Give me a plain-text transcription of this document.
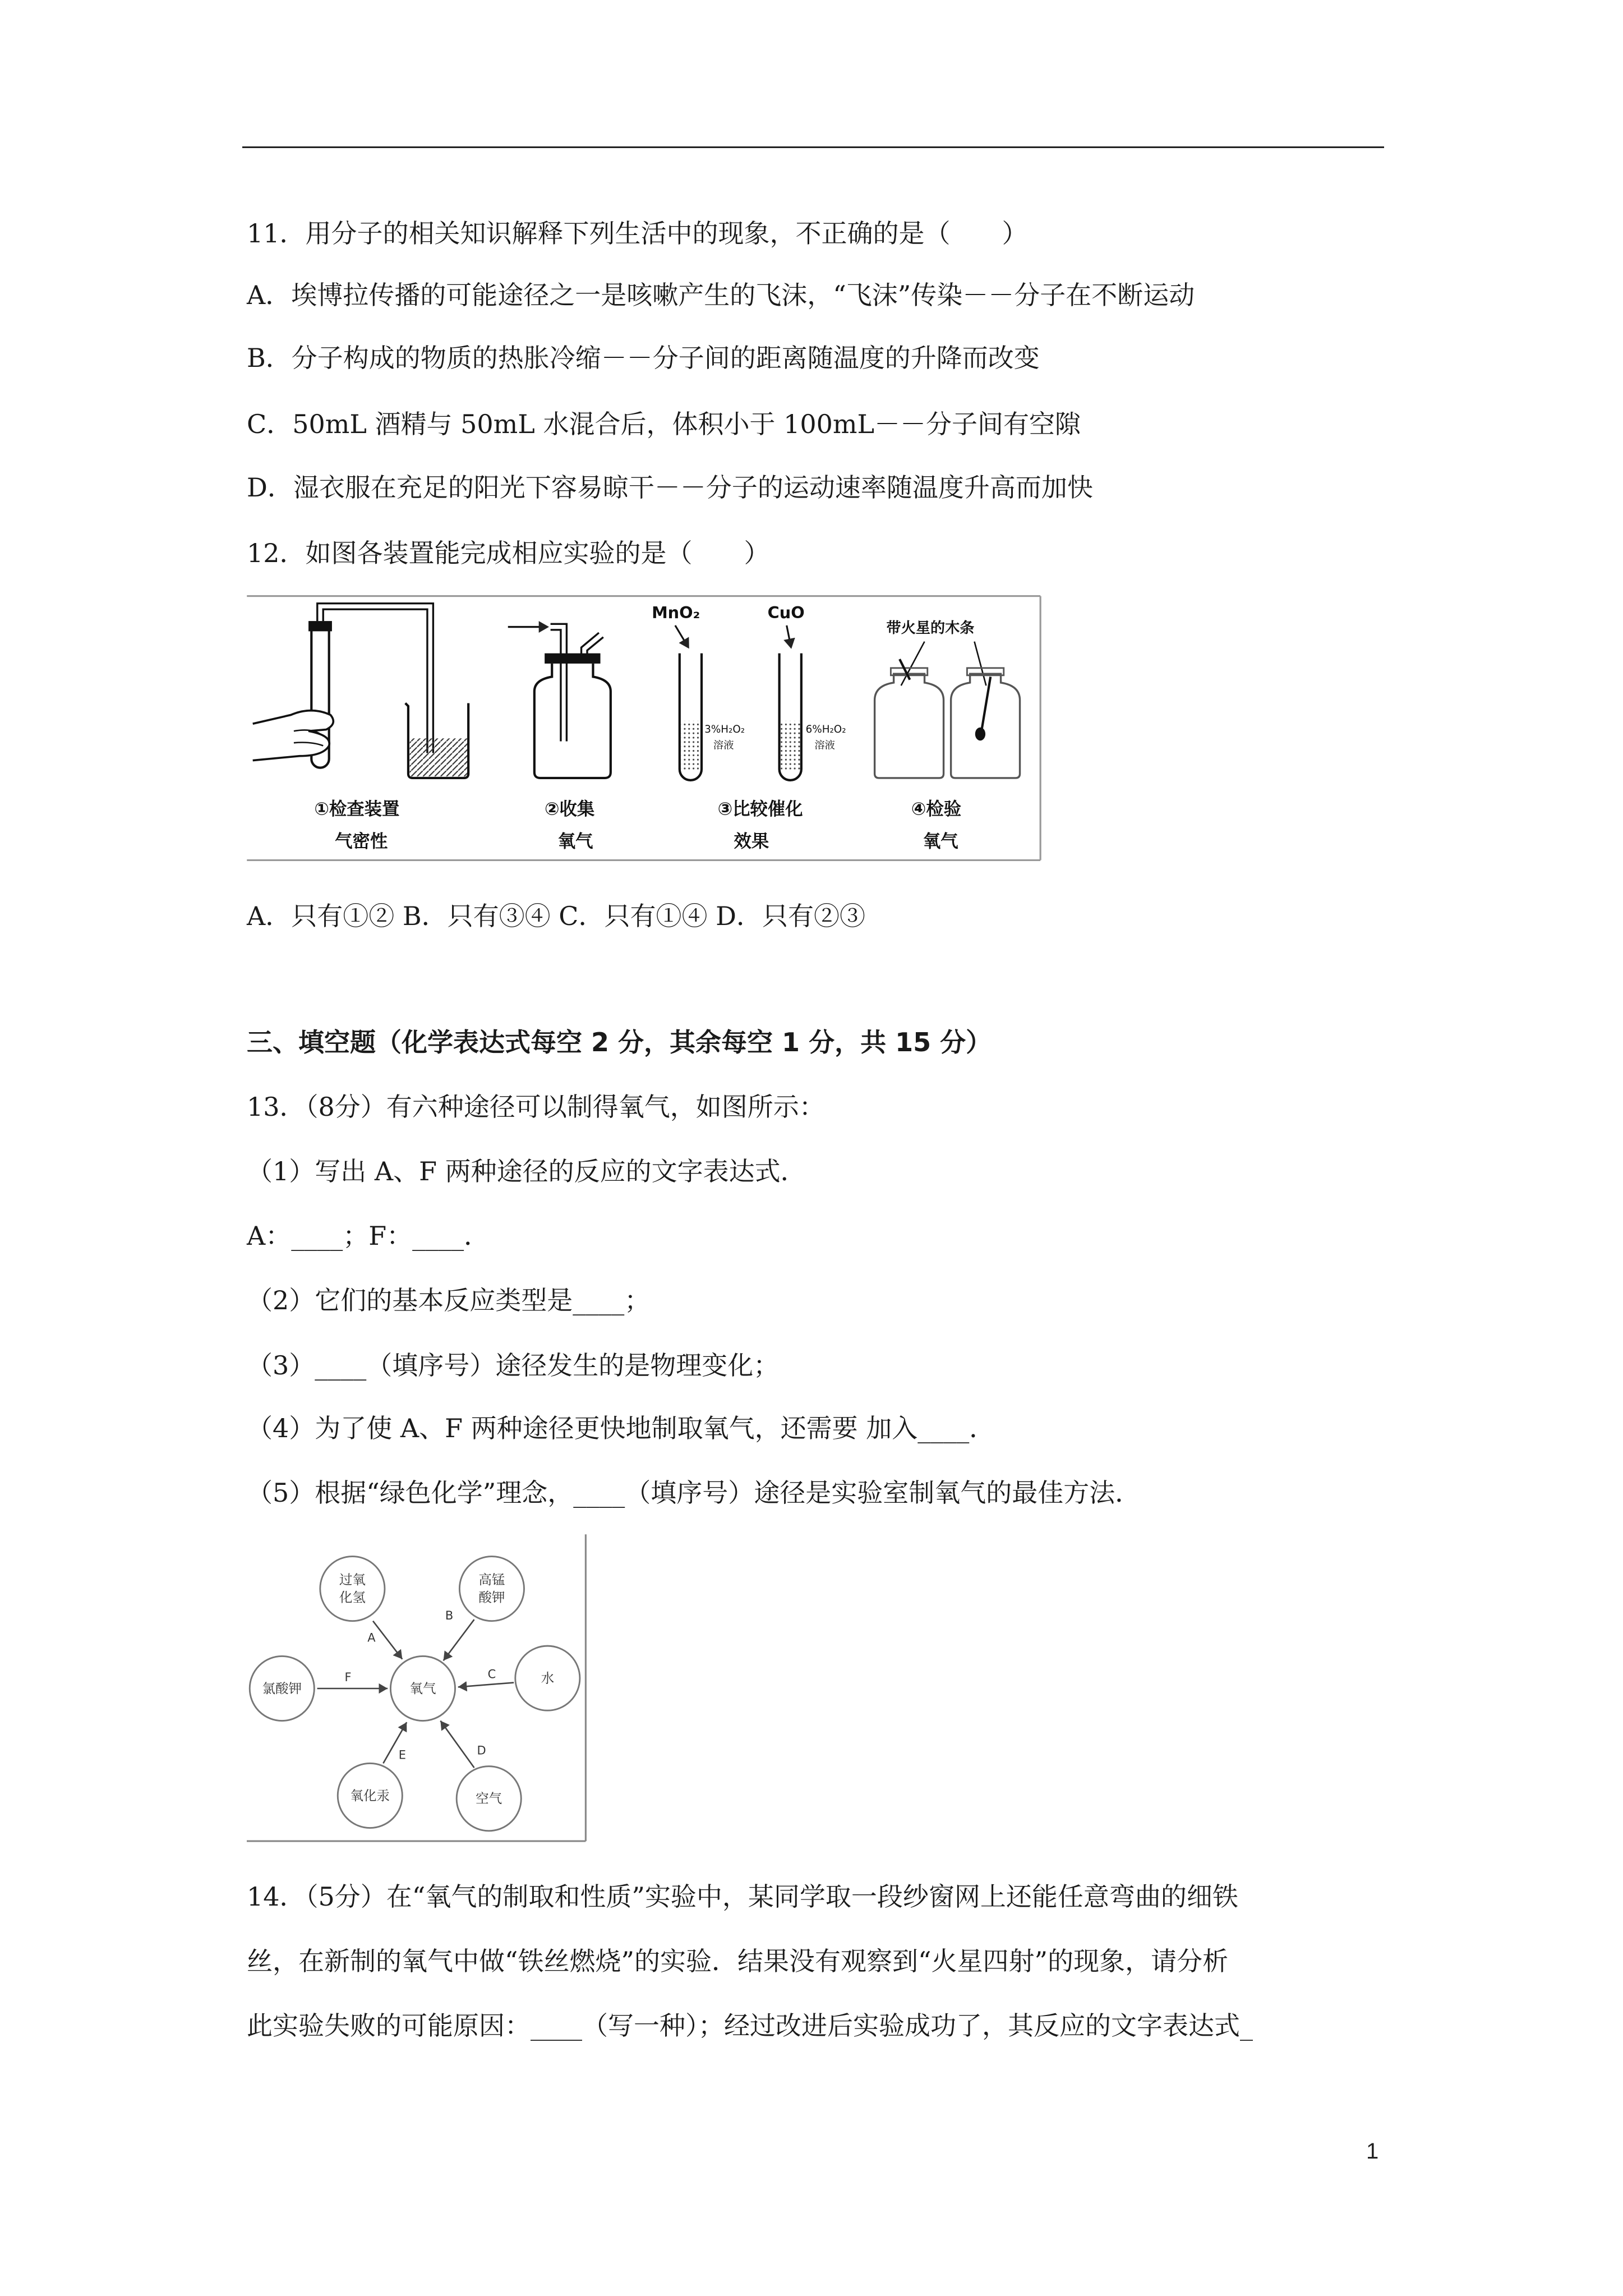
11．用分子的相关知识解释下列生活中的现象，不正确的是（　　）
A．埃博拉传播的可能途径之一是咳嗽产生的飞沫，“飞沫”传染－－分子在不断运动
B．分子构成的物质的热胀冷缩－－分子间的距离随温度的升降而改变
C．50mL 酒精与 50mL 水混合后，体积小于 100mL－－分子间有空隙
D．湿衣服在充足的阳光下容易晾干－－分子的运动速率随温度升高而加快
12．如图各装置能完成相应实验的是（　　）
MnO₂
3%H₂O₂
溶液
CuO
6%H₂O₂
溶液
带火星的木条
①检查装置
气密性
②收集
氧气
③比较催化
效果
④检验
氧气
A．只有①② B．只有③④ C．只有①④ D．只有②③
三、填空题（化学表达式每空 2 分，其余每空 1 分，共 15 分）
13．（8分）有六种途径可以制得氧气，如图所示：
（1）写出 A、F 两种途径的反应的文字表达式．
A：____；F：____．
（2）它们的基本反应类型是____；
（3）____（填序号）途径发生的是物理变化；
（4）为了使 A、F 两种途径更快地制取氧气，还需要 加入____．
（5）根据“绿色化学”理念，____（填序号）途径是实验室制氧气的最佳方法．
过氧
化氢
高锰
酸钾
氯酸钾	氧气
水
氧化汞	空气
A
B
C
D
E
F
14．（5分）在“氧气的制取和性质”实验中，某同学取一段纱窗网上还能任意弯曲的细铁
丝，在新制的氧气中做“铁丝燃烧”的实验．结果没有观察到“火星四射”的现象，请分析
此实验失败的可能原因：____（写一种）；经过改进后实验成功了，其反应的文字表达式_
1
